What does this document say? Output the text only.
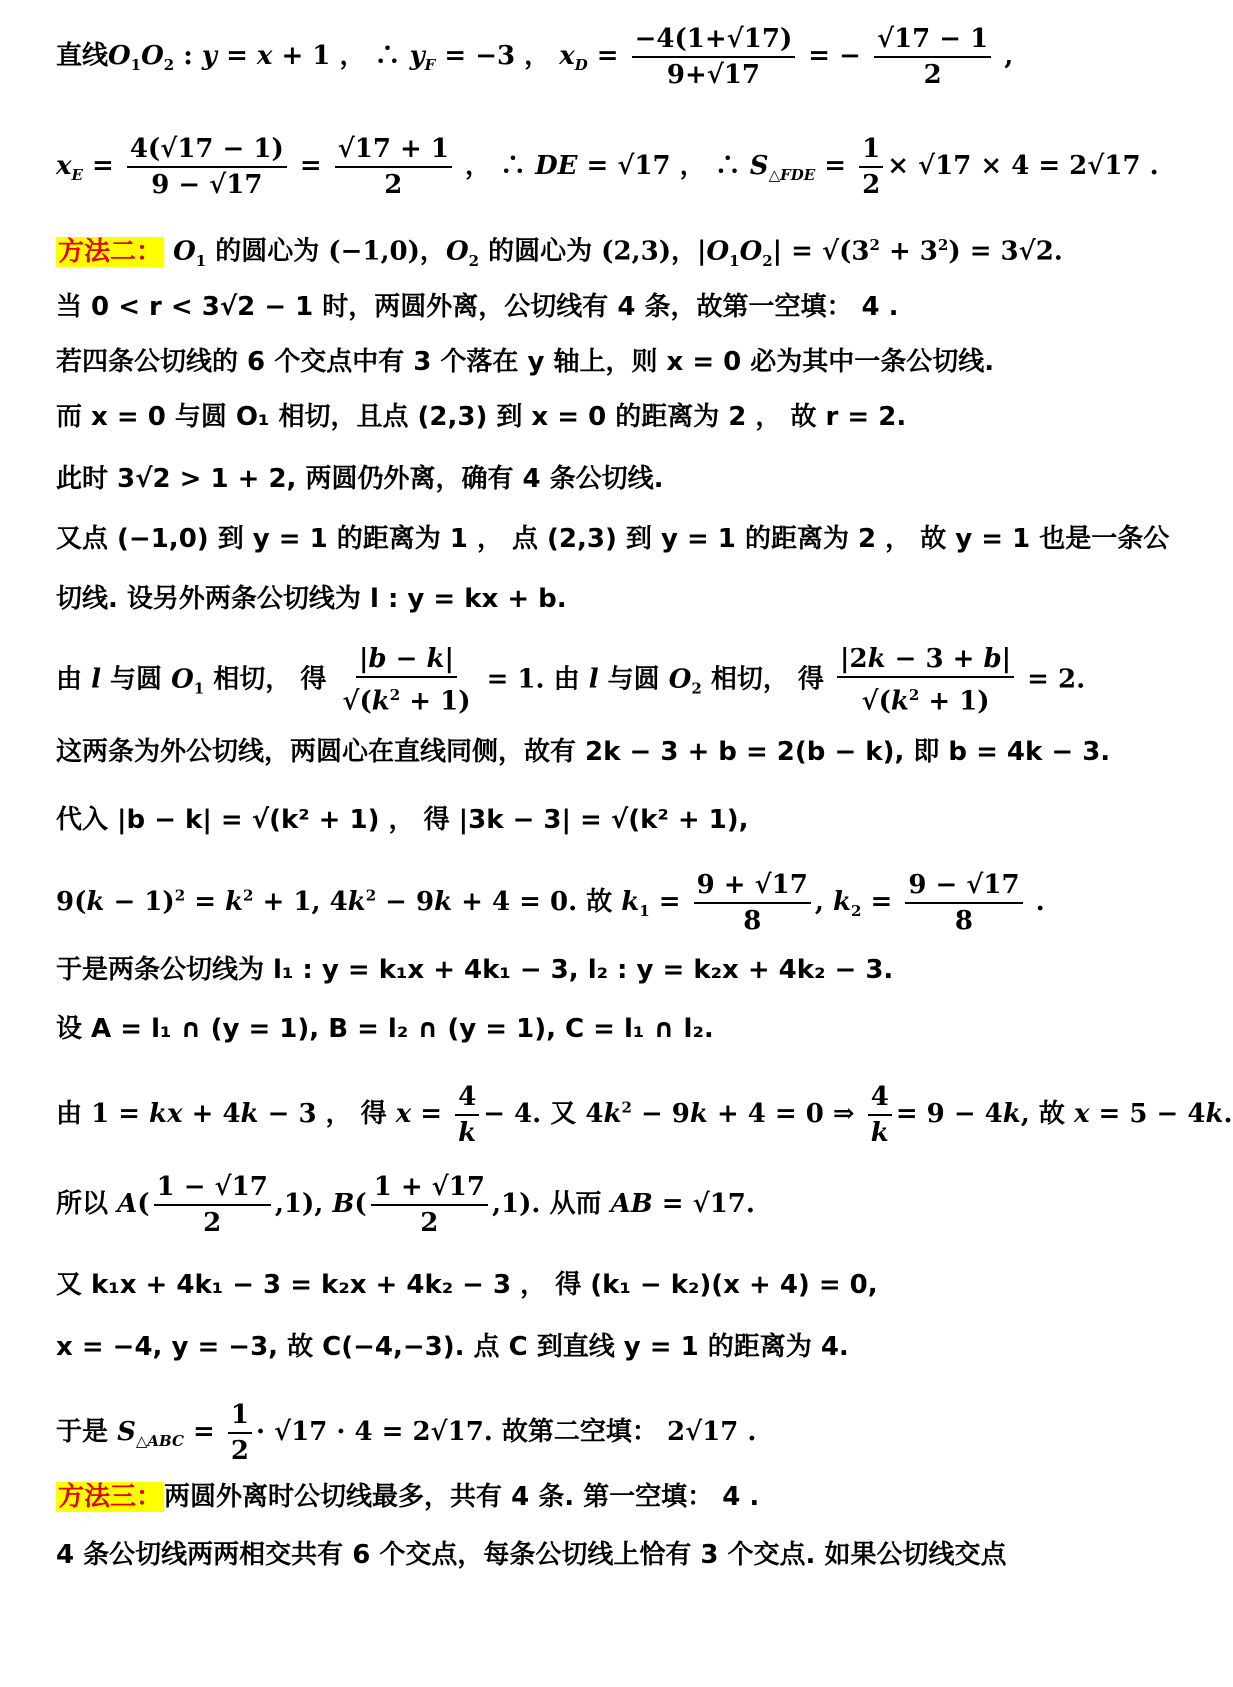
直线$O_1O_2$ : y = x + 1 ， ∴ $y_F = -3$ ， $x_D = \frac{-4(1+√17)}{9+√17}$ = − $\frac{√17 - 1}{2}$ ,
$x_E = \frac{4(√17 - 1)}{9 - √17} = \frac{√17 + 1}{2}$ ， ∴ DE = √17 ， ∴ $S_{\triangle FDE} = \frac{1}{2} \times √17 \times 4 = 2√17$ .
方法二： $O_1$ 的圆心为 (−1,0)，$O_2$ 的圆心为 (2,3)，$|O_1O_2| = √(3^2 + 3^2) = 3√2$.
当 0 < r < 3√2 − 1 时，两圆外离，公切线有 4 条，故第一空填： 4 .
若四条公切线的 6 个交点中有 3 个落在 y 轴上，则 x = 0 必为其中一条公切线.
而 x = 0 与圆 O₁ 相切，且点 (2,3) 到 x = 0 的距离为 2 ， 故 r = 2.
此时 3√2 > 1 + 2, 两圆仍外离，确有 4 条公切线.
又点 (−1,0) 到 y = 1 的距离为 1 ， 点 (2,3) 到 y = 1 的距离为 2 ， 故 y = 1 也是一条公
切线. 设另外两条公切线为 l : y = kx + b.
由 l 与圆 $O_1$ 相切， 得 $\frac{|b - k|}{√(k^2 + 1)} = 1$. 由 l 与圆 $O_2$ 相切， 得 $\frac{|2k - 3 + b|}{√(k^2 + 1)} = 2$.
这两条为外公切线，两圆心在直线同侧，故有 2k − 3 + b = 2(b − k), 即 b = 4k − 3.
代入 |b − k| = √(k² + 1) ， 得 |3k − 3| = √(k² + 1),
$9(k - 1)^2 = k^2 + 1$, $4k^2 - 9k + 4 = 0$. 故 $k_1 = \frac{9 + √17}{8}$ , $k_2 = \frac{9 - √17}{8}$ .
于是两条公切线为 l₁ : y = k₁x + 4k₁ − 3, l₂ : y = k₂x + 4k₂ − 3.
设 A = l₁ ∩ (y = 1), B = l₂ ∩ (y = 1), C = l₁ ∩ l₂.
由 1 = kx + 4k − 3 ， 得 $x = \frac{4}{k} - 4$. 又 $4k^2 - 9k + 4 = 0$ ⇒ $\frac{4}{k} = 9 - 4k$, 故 x = 5 − 4k.
所以 $A( \frac{1 - √17}{2} ,1)$, $B( \frac{1 + √17}{2} ,1)$. 从而 AB = √17.
又 k₁x + 4k₁ − 3 = k₂x + 4k₂ − 3 ， 得 (k₁ − k₂)(x + 4) = 0,
x = −4, y = −3, 故 C(−4,−3). 点 C 到直线 y = 1 的距离为 4.
于是 $S_{\triangle ABC} = \frac{1}{2} \cdot √17 \cdot 4 = 2√17$. 故第二空填： 2√17 .
方法三：两圆外离时公切线最多，共有 4 条. 第一空填： 4 .
4 条公切线两两相交共有 6 个交点，每条公切线上恰有 3 个交点. 如果公切线交点
